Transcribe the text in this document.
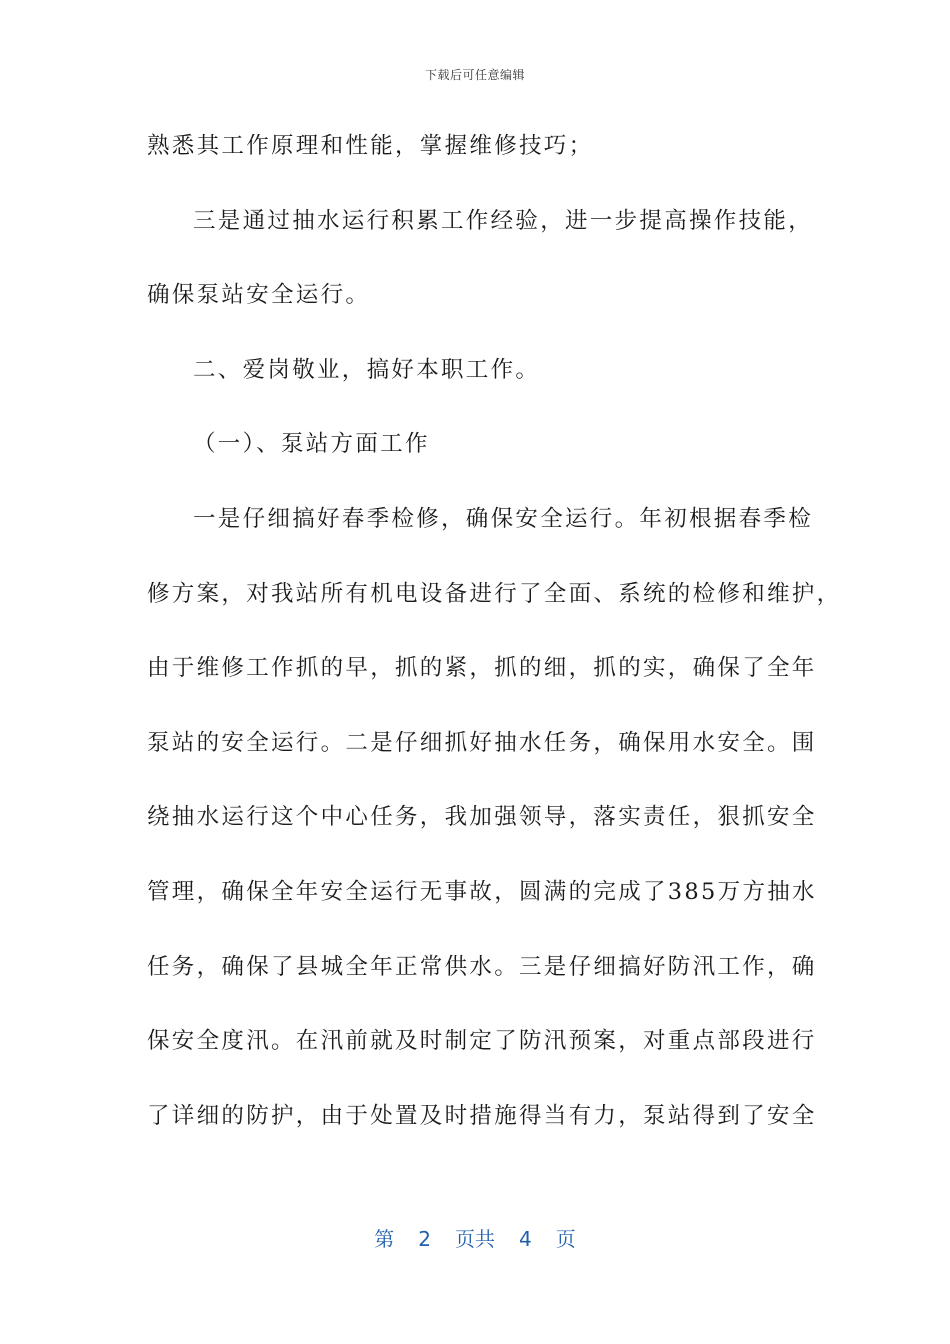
下载后可任意编辑
熟悉其工作原理和性能，掌握维修技巧；
三是通过抽水运行积累工作经验，进一步提高操作技能，
确保泵站安全运行。
二、爱岗敬业，搞好本职工作。
（一）、泵站方面工作
一是仔细搞好春季检修，确保安全运行。年初根据春季检
修方案，对我站所有机电设备进行了全面、系统的检修和维护，
由于维修工作抓的早，抓的紧，抓的细，抓的实，确保了全年
泵站的安全运行。二是仔细抓好抽水任务，确保用水安全。围
绕抽水运行这个中心任务，我加强领导，落实责任，狠抓安全
管理，确保全年安全运行无事故，圆满的完成了385万方抽水
任务，确保了县城全年正常供水。三是仔细搞好防汛工作，确
保安全度汛。在汛前就及时制定了防汛预案，对重点部段进行
了详细的防护，由于处置及时措施得当有力，泵站得到了安全
第 2 页共 4 页
